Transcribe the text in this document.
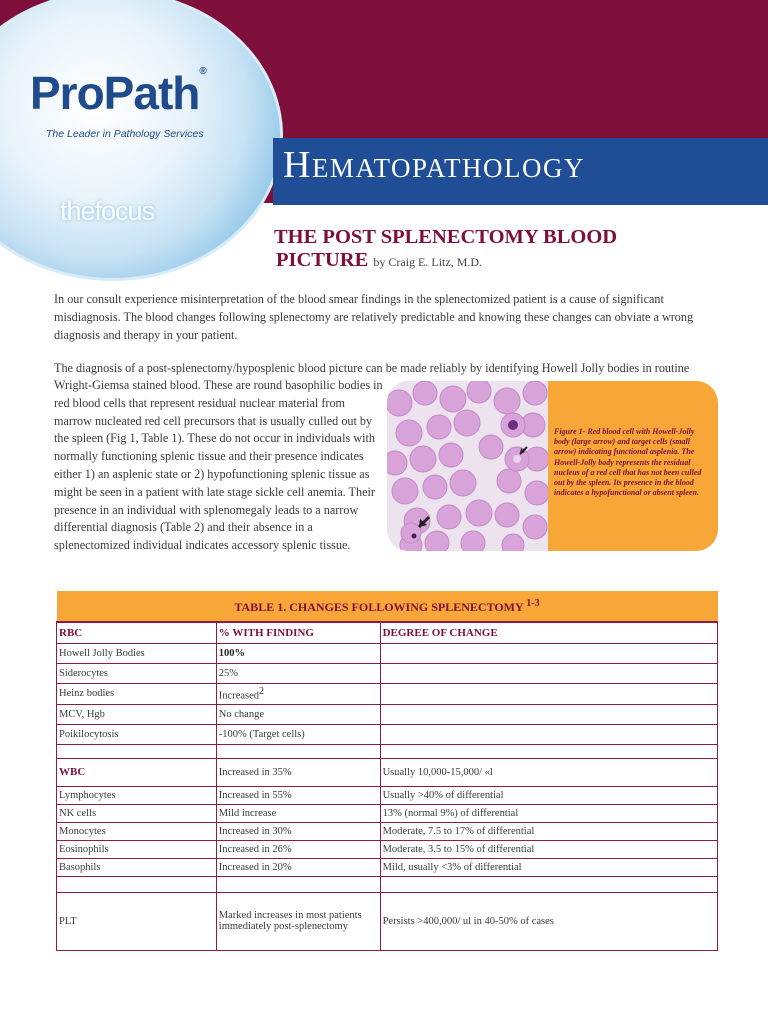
ProPath®
The Leader in Pathology Services
thefocus
Hematopathology
THE POST SPLENECTOMY BLOOD
PICTURE by Craig E. Litz, M.D.
In our consult experience misinterpretation of the blood smear findings in the splenectomized patient is a cause of significant misdiagnosis. The blood changes following splenectomy are relatively predictable and knowing these changes can obviate a wrong diagnosis and therapy in your patient.
The diagnosis of a post-splenectomy/hyposplenic blood picture can be made reliably by identifying Howell Jolly bodies in routine
Wright-Giemsa stained blood. These are round basophilic bodies in red blood cells that represent residual nuclear material from marrow nucleated red cell precursors that is usually culled out by the spleen (Fig 1, Table 1). These do not occur in individuals with normally functioning splenic tissue and their presence indicates either 1) an asplenic state or 2) hypofunctioning splenic tissue as might be seen in a patient with late stage sickle cell anemia. Their presence in an individual with splenomegaly leads to a narrow differential diagnosis (Table 2) and their absence in a splenectomized individual indicates accessory splenic tissue.
Figure 1- Red blood cell with Howell-Jolly body (large arrow) and target cells (small arrow) indicating functional asplenia. The Howell-Jolly body represents the residual nucleus of a red cell that has not been culled out by the spleen. Its presence in the blood indicates a hypofunctional or absent spleen.
TABLE 1. CHANGES FOLLOWING SPLENECTOMY $^{1-3}$
RBC	% WITH FINDING	DEGREE OF CHANGE
Howell Jolly Bodies	100%	
Siderocytes	25%	
Heinz bodies	Increased2	
MCV, Hgb	No change	
Poikilocytosis	-100% (Target cells)	

WBC	Increased in 35%	Usually 10,000-15,000/ «l
Lymphocytes	Increased in 55%	Usually >40% of differential
NK cells	Mild increase	13% (normal 9%) of differential
Monocytes	Increased in 30%	Moderate, 7.5 to 17% of differential
Eosinophils	Increased in 26%	Moderate, 3.5 to 15% of differential
Basophils	Increased in 20%	Mild, usually <3% of differential

PLT	Marked increases in most patients immediately post-splenectomy	Persists >400,000/ ul in 40-50% of cases
